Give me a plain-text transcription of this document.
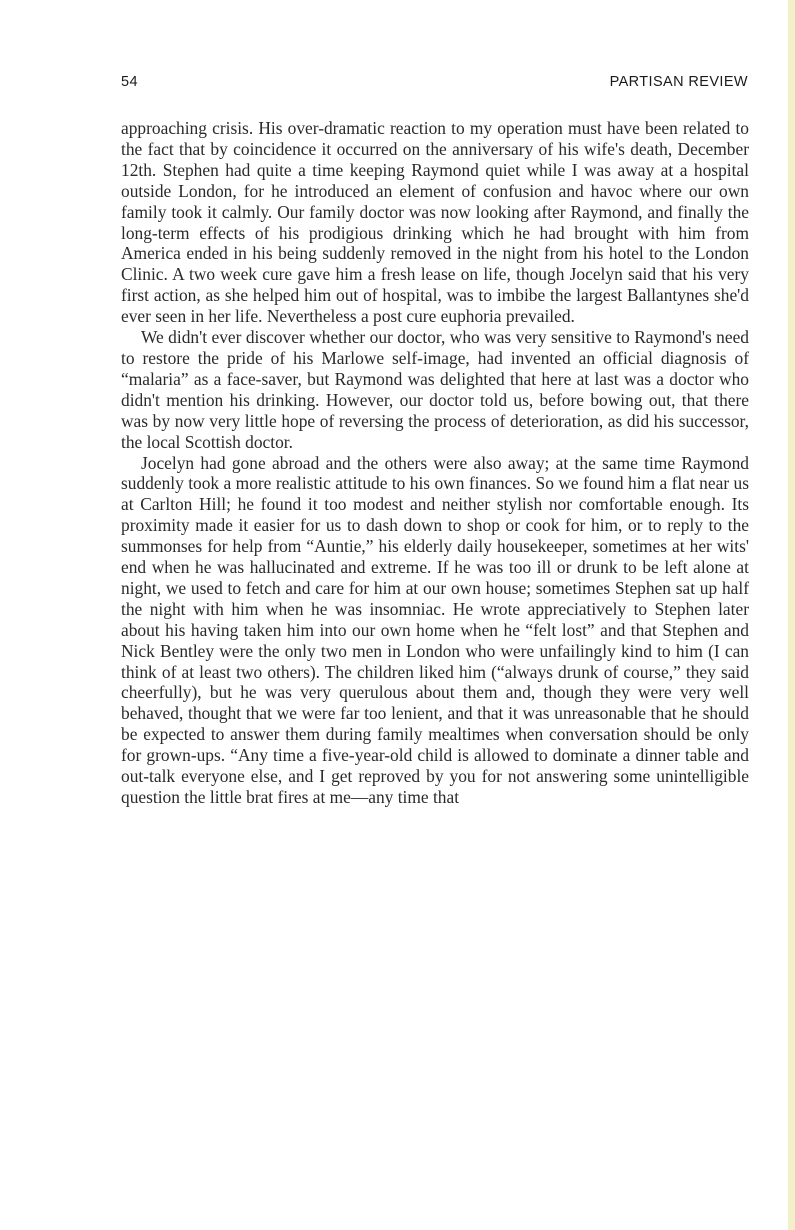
54	PARTISAN REVIEW

approaching crisis. His over-dramatic reaction to my operation must have been related to the fact that by coincidence it occurred on the anniversary of his wife's death, December 12th. Stephen had quite a time keeping Raymond quiet while I was away at a hospital outside London, for he introduced an element of confusion and havoc where our own family took it calmly. Our family doctor was now looking after Raymond, and finally the long-term effects of his prodigious drinking which he had brought with him from America ended in his being suddenly removed in the night from his hotel to the London Clinic. A two week cure gave him a fresh lease on life, though Jocelyn said that his very first action, as she helped him out of hospital, was to imbibe the largest Ballantynes she'd ever seen in her life. Nevertheless a post cure euphoria prevailed.

We didn't ever discover whether our doctor, who was very sensitive to Raymond's need to restore the pride of his Marlowe self-image, had invented an official diagnosis of “malaria” as a face-saver, but Raymond was delighted that here at last was a doctor who didn't mention his drinking. However, our doctor told us, before bowing out, that there was by now very little hope of reversing the process of deterioration, as did his successor, the local Scottish doctor.

Jocelyn had gone abroad and the others were also away; at the same time Raymond suddenly took a more realistic attitude to his own finances. So we found him a flat near us at Carlton Hill; he found it too modest and neither stylish nor comfortable enough. Its proximity made it easier for us to dash down to shop or cook for him, or to reply to the summonses for help from “Auntie,” his elderly daily housekeeper, sometimes at her wits' end when he was hallucinated and extreme. If he was too ill or drunk to be left alone at night, we used to fetch and care for him at our own house; sometimes Stephen sat up half the night with him when he was insomniac. He wrote appreciatively to Stephen later about his having taken him into our own home when he “felt lost” and that Stephen and Nick Bentley were the only two men in London who were unfailingly kind to him (I can think of at least two others). The children liked him (“always drunk of course,” they said cheerfully), but he was very querulous about them and, though they were very well behaved, thought that we were far too lenient, and that it was unreasonable that he should be expected to answer them during family mealtimes when conversation should be only for grown-ups. “Any time a five-year-old child is allowed to dominate a dinner table and out-talk everyone else, and I get reproved by you for not answering some unintelligible question the little brat fires at me—any time that
